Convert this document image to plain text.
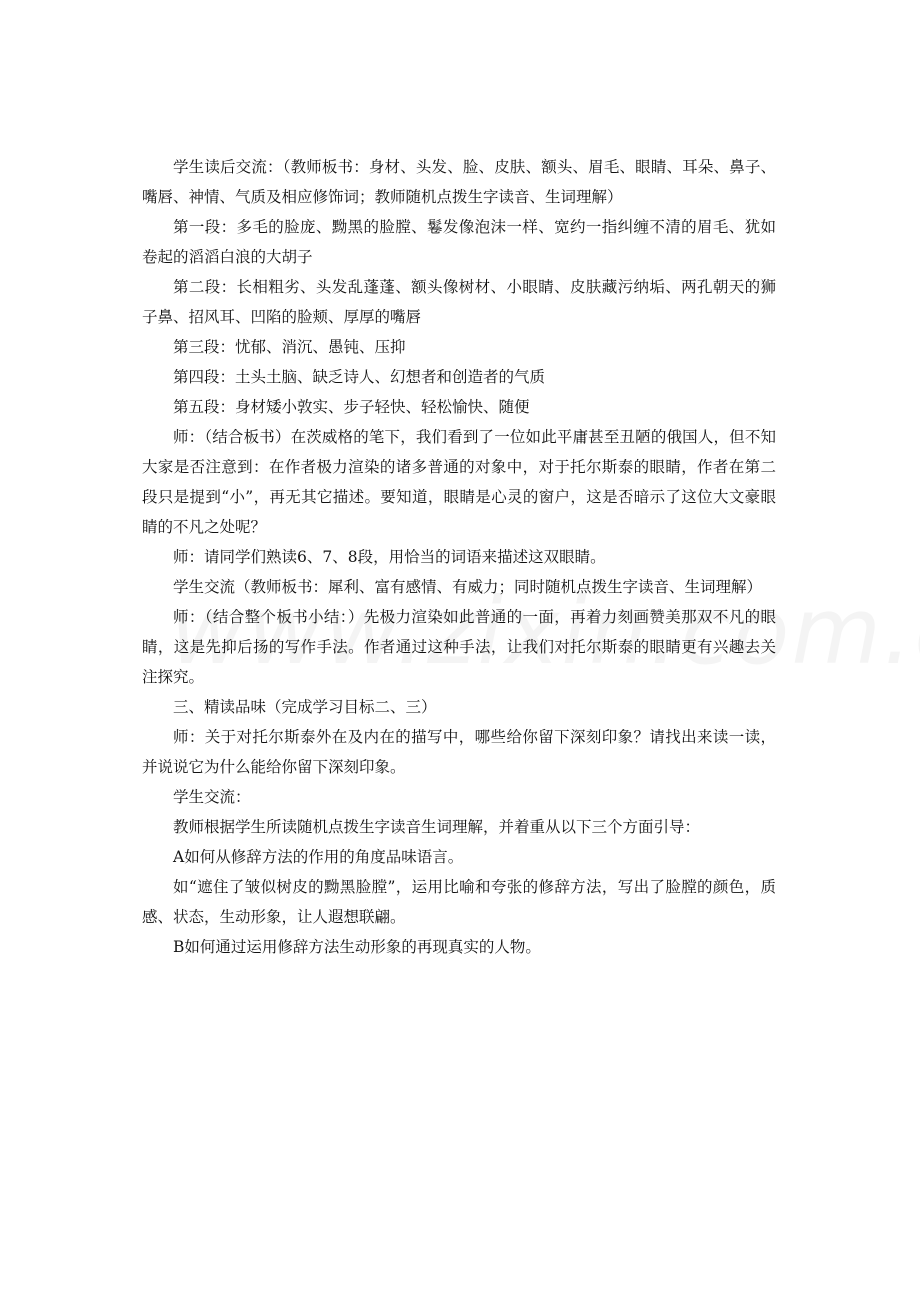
学生读后交流：（教师板书：身材、头发、脸、皮肤、额头、眉毛、眼睛、耳朵、鼻子、嘴唇、神情、气质及相应修饰词；教师随机点拨生字读音、生词理解）

第一段：多毛的脸庞、黝黑的脸膛、鬈发像泡沫一样、宽约一指纠缠不清的眉毛、犹如卷起的滔滔白浪的大胡子

第二段：长相粗劣、头发乱蓬蓬、额头像树材、小眼睛、皮肤藏污纳垢、两孔朝天的狮子鼻、招风耳、凹陷的脸颊、厚厚的嘴唇

第三段：忧郁、消沉、愚钝、压抑

第四段：土头土脑、缺乏诗人、幻想者和创造者的气质

第五段：身材矮小敦实、步子轻快、轻松愉快、随便

师：（结合板书）在茨威格的笔下，我们看到了一位如此平庸甚至丑陋的俄国人，但不知大家是否注意到：在作者极力渲染的诸多普通的对象中，对于托尔斯泰的眼睛，作者在第二段只是提到“小”，再无其它描述。要知道，眼睛是心灵的窗户，这是否暗示了这位大文豪眼睛的不凡之处呢？

师：请同学们熟读6、7、8段，用恰当的词语来描述这双眼睛。

学生交流（教师板书：犀利、富有感情、有威力；同时随机点拨生字读音、生词理解）

师：（结合整个板书小结：）先极力渲染如此普通的一面，再着力刻画赞美那双不凡的眼睛，这是先抑后扬的写作手法。作者通过这种手法，让我们对托尔斯泰的眼睛更有兴趣去关注探究。

三、精读品味（完成学习目标二、三）

师：关于对托尔斯泰外在及内在的描写中，哪些给你留下深刻印象？请找出来读一读，并说说它为什么能给你留下深刻印象。

学生交流：

教师根据学生所读随机点拨生字读音生词理解，并着重从以下三个方面引导：

A如何从修辞方法的作用的角度品味语言。

如“遮住了皱似树皮的黝黑脸膛”，运用比喻和夸张的修辞方法，写出了脸膛的颜色，质感、状态，生动形象，让人遐想联翩。

B如何通过运用修辞方法生动形象的再现真实的人物。
